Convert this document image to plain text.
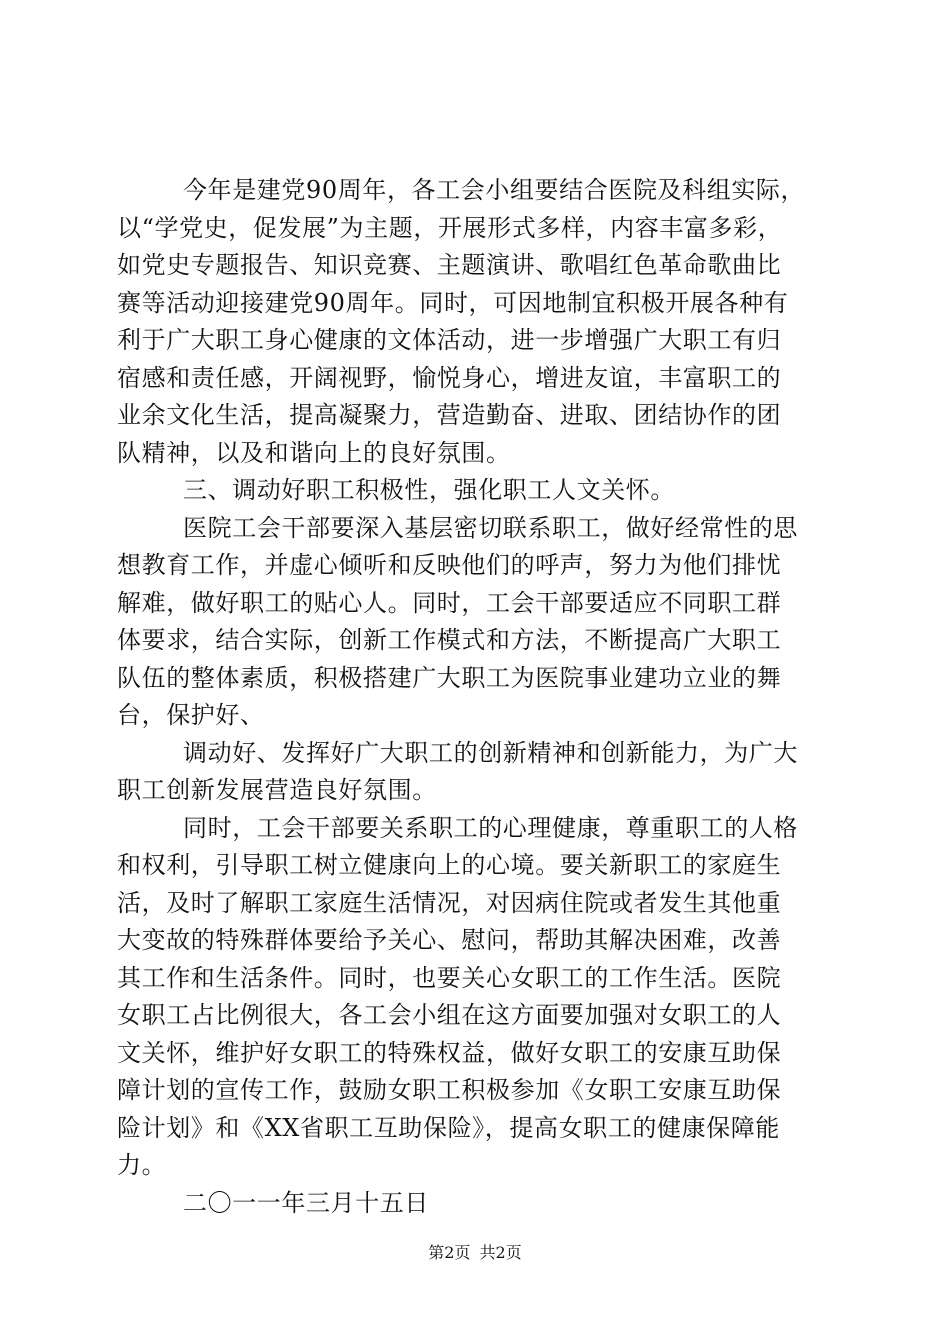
今年是建党90周年，各工会小组要结合医院及科组实际，
以“学党史，促发展”为主题，开展形式多样，内容丰富多彩，
如党史专题报告、知识竞赛、主题演讲、歌唱红色革命歌曲比
赛等活动迎接建党90周年。同时，可因地制宜积极开展各种有
利于广大职工身心健康的文体活动，进一步增强广大职工有归
宿感和责任感，开阔视野，愉悦身心，增进友谊，丰富职工的
业余文化生活，提高凝聚力，营造勤奋、进取、团结协作的团
队精神，以及和谐向上的良好氛围。
三、调动好职工积极性，强化职工人文关怀。
医院工会干部要深入基层密切联系职工，做好经常性的思
想教育工作，并虚心倾听和反映他们的呼声，努力为他们排忧
解难，做好职工的贴心人。同时，工会干部要适应不同职工群
体要求，结合实际，创新工作模式和方法，不断提高广大职工
队伍的整体素质，积极搭建广大职工为医院事业建功立业的舞
台，保护好、
调动好、发挥好广大职工的创新精神和创新能力，为广大
职工创新发展营造良好氛围。
同时，工会干部要关系职工的心理健康，尊重职工的人格
和权利，引导职工树立健康向上的心境。要关新职工的家庭生
活，及时了解职工家庭生活情况，对因病住院或者发生其他重
大变故的特殊群体要给予关心、慰问，帮助其解决困难，改善
其工作和生活条件。同时，也要关心女职工的工作生活。医院
女职工占比例很大，各工会小组在这方面要加强对女职工的人
文关怀，维护好女职工的特殊权益，做好女职工的安康互助保
障计划的宣传工作，鼓励女职工积极参加《女职工安康互助保
险计划》和《XX省职工互助保险》，提高女职工的健康保障能
力。
二〇一一年三月十五日
第2页 共2页
